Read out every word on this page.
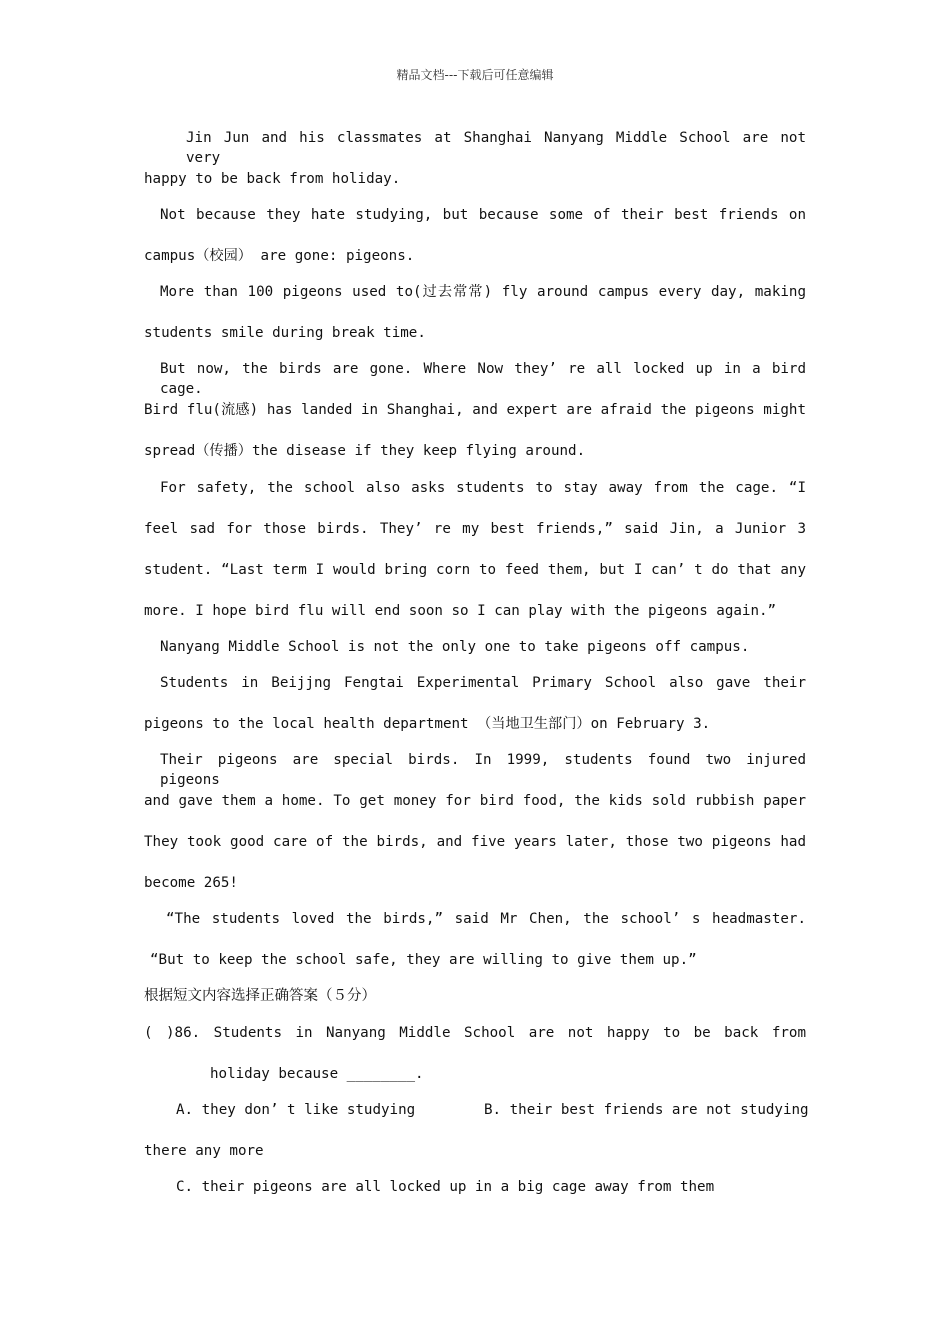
精品文档---下载后可任意编辑
Jin Jun and his classmates at Shanghai Nanyang Middle School are not very
happy to be back from holiday.
Not because they hate studying, but because some of their best friends on
campus（校园） are gone: pigeons.
More than 100 pigeons used to(过去常常) fly around campus every day, making
students smile during break time.
But now, the birds are gone. Where Now they’ re all locked up in a bird cage.
Bird flu(流感) has landed in Shanghai, and expert are afraid the pigeons might
spread（传播）the disease if they keep flying around.
For safety, the school also asks students to stay away from the cage. “I
feel sad for those birds. They’ re my best friends,” said Jin, a Junior 3
student. “Last term I would bring corn to feed them, but I can’ t do that any
more. I hope bird flu will end soon so I can play with the pigeons again.”
Nanyang Middle School is not the only one to take pigeons off campus.
Students in Beijjng Fengtai Experimental Primary School also gave their
pigeons to the local health department （当地卫生部门）on February 3.
Their pigeons are special birds. In 1999, students found two injured pigeons
and gave them a home. To get money for bird food, the kids sold rubbish paper
They took good care of the birds, and five years later, those two pigeons had
become 265!
“The students loved the birds,” said Mr Chen, the school’ s headmaster.
“But to keep the school safe, they are willing to give them up.”
根据短文内容选择正确答案（５分）
( )86. Students in Nanyang Middle School are not happy to be back from
holiday because ________.
A. they don’ t like studying	B. their best friends are not studying
there any more
C. their pigeons are all locked up in a big cage away from them
